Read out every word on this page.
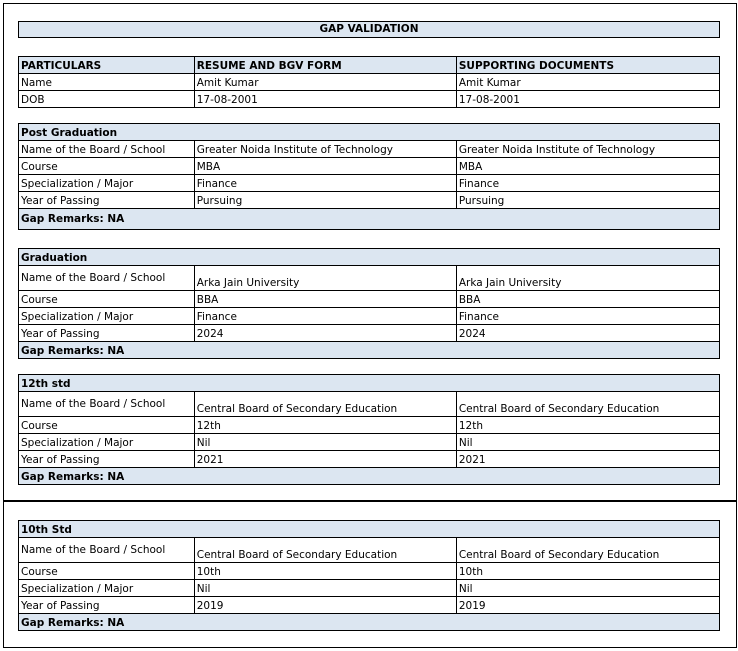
GAP VALIDATION
PARTICULARS	RESUME AND BGV FORM	SUPPORTING DOCUMENTS
Name	Amit Kumar	Amit Kumar
DOB	17-08-2001	17-08-2001
Post Graduation		
Name of the Board / School	Greater Noida Institute of Technology	Greater Noida Institute of Technology
Course	MBA	MBA
Specialization / Major	Finance	Finance
Year of Passing	Pursuing	Pursuing
Gap Remarks: NA		
Graduation		
Name of the Board / School	Arka Jain University	Arka Jain University
Course	BBA	BBA
Specialization / Major	Finance	Finance
Year of Passing	2024	2024
Gap Remarks: NA		
12th std		
Name of the Board / School	Central Board of Secondary Education	Central Board of Secondary Education
Course	12th	12th
Specialization / Major	Nil	Nil
Year of Passing	2021	2021
Gap Remarks: NA		
10th Std		
Name of the Board / School	Central Board of Secondary Education	Central Board of Secondary Education
Course	10th	10th
Specialization / Major	Nil	Nil
Year of Passing	2019	2019
Gap Remarks: NA		
